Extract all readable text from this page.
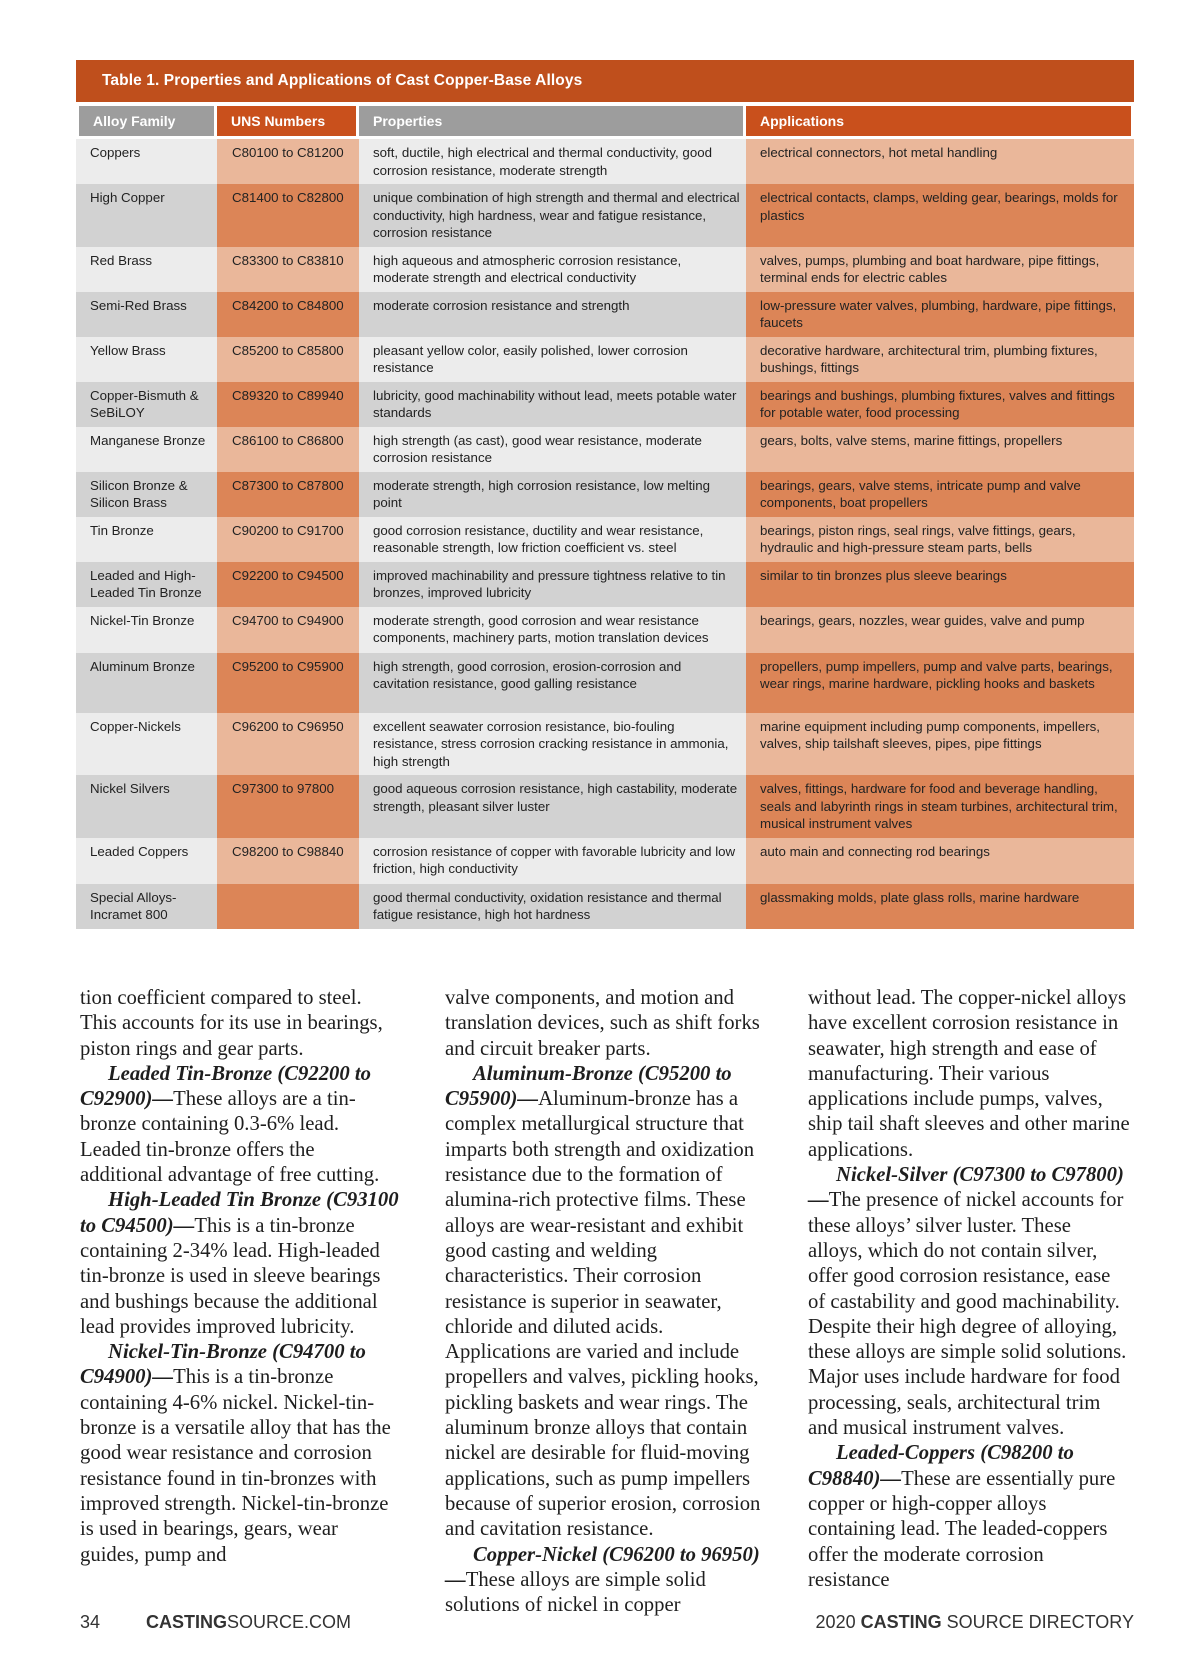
Table 1. Properties and Applications of Cast Copper-Base Alloys
Alloy Family	UNS Numbers	Properties	Applications
Coppers	C80100 to C81200	soft, ductile, high electrical and thermal conductivity, good corrosion resistance, moderate strength	electrical connectors, hot metal handling
High Copper	C81400 to C82800	unique combination of high strength and thermal and electrical conductivity, high hardness, wear and fatigue resistance, corrosion resistance	electrical contacts, clamps, welding gear, bearings, molds for plastics
Red Brass	C83300 to C83810	high aqueous and atmospheric corrosion resistance, moderate strength and electrical conductivity	valves, pumps, plumbing and boat hardware, pipe fittings, terminal ends for electric cables
Semi-Red Brass	C84200 to C84800	moderate corrosion resistance and strength	low-pressure water valves, plumbing, hardware, pipe fittings, faucets
Yellow Brass	C85200 to C85800	pleasant yellow color, easily polished, lower corrosion resistance	decorative hardware, architectural trim, plumbing fixtures, bushings, fittings
Copper-Bismuth & SeBiLOY	C89320 to C89940	lubricity, good machinability without lead, meets potable water standards	bearings and bushings, plumbing fixtures, valves and fittings for potable water, food processing
Manganese Bronze	C86100 to C86800	high strength (as cast), good wear resistance, moderate corrosion resistance	gears, bolts, valve stems, marine fittings, propellers
Silicon Bronze & Silicon Brass	C87300 to C87800	moderate strength, high corrosion resistance, low melting point	bearings, gears, valve stems, intricate pump and valve components, boat propellers
Tin Bronze	C90200 to C91700	good corrosion resistance, ductility and wear resistance, reasonable strength, low friction coefficient vs. steel	bearings, piston rings, seal rings, valve fittings, gears, hydraulic and high-pressure steam parts, bells
Leaded and High-Leaded Tin Bronze	C92200 to C94500	improved machinability and pressure tightness relative to tin bronzes, improved lubricity	similar to tin bronzes plus sleeve bearings
Nickel-Tin Bronze	C94700 to C94900	moderate strength, good corrosion and wear resistance components, machinery parts, motion translation devices	bearings, gears, nozzles, wear guides, valve and pump
Aluminum Bronze	C95200 to C95900	high strength, good corrosion, erosion-corrosion and cavitation resistance, good galling resistance	propellers, pump impellers, pump and valve parts, bearings, wear rings, marine hardware, pickling hooks and baskets
Copper-Nickels	C96200 to C96950	excellent seawater corrosion resistance, bio-fouling resistance, stress corrosion cracking resistance in ammonia, high strength	marine equipment including pump components, impellers, valves, ship tailshaft sleeves, pipes, pipe fittings
Nickel Silvers	C97300 to 97800	good aqueous corrosion resistance, high castability, moderate strength, pleasant silver luster	valves, fittings, hardware for food and beverage handling, seals and labyrinth rings in steam turbines, architectural trim, musical instrument valves
Leaded Coppers	C98200 to C98840	corrosion resistance of copper with favorable lubricity and low friction, high conductivity	auto main and connecting rod bearings
Special Alloys-Incramet 800		good thermal conductivity, oxidation resistance and thermal fatigue resistance, high hot hardness	glassmaking molds, plate glass rolls, marine hardware

tion coefficient compared to steel. This accounts for its use in bearings, piston rings and gear parts.

Leaded Tin-Bronze (C92200 to C92900)—These alloys are a tin-bronze containing 0.3-6% lead. Leaded tin-bronze offers the additional advantage of free cutting.

High-Leaded Tin Bronze (C93100 to C94500)—This is a tin-bronze containing 2-34% lead. High-leaded tin-bronze is used in sleeve bearings and bushings because the additional lead provides improved lubricity.

Nickel-Tin-Bronze (C94700 to C94900)—This is a tin-bronze containing 4-6% nickel. Nickel-tin-bronze is a versatile alloy that has the good wear resistance and corrosion resistance found in tin-bronzes with improved strength. Nickel-tin-bronze is used in bearings, gears, wear guides, pump and

valve components, and motion and translation devices, such as shift forks and circuit breaker parts.

Aluminum-Bronze (C95200 to C95900)—Aluminum-bronze has a complex metallurgical structure that imparts both strength and oxidization resistance due to the formation of alumina-rich protective films. These alloys are wear-resistant and exhibit good casting and welding characteristics. Their corrosion resistance is superior in seawater, chloride and diluted acids. Applications are varied and include propellers and valves, pickling hooks, pickling baskets and wear rings. The aluminum bronze alloys that contain nickel are desirable for fluid-moving applications, such as pump impellers because of superior erosion, corrosion and cavitation resistance.

Copper-Nickel (C96200 to 96950)—These alloys are simple solid solutions of nickel in copper

without lead. The copper-nickel alloys have excellent corrosion resistance in seawater, high strength and ease of manufacturing. Their various applications include pumps, valves, ship tail shaft sleeves and other marine applications.

Nickel-Silver (C97300 to C97800)—The presence of nickel accounts for these alloys’ silver luster. These alloys, which do not contain silver, offer good corrosion resistance, ease of castability and good machinability. Despite their high degree of alloying, these alloys are simple solid solutions. Major uses include hardware for food processing, seals, architectural trim and musical instrument valves.

Leaded-Coppers (C98200 to C98840)—These are essentially pure copper or high-copper alloys containing lead. The leaded-coppers offer the moderate corrosion resistance

34	CASTINGSOURCE.COM	2020 CASTING SOURCE DIRECTORY
